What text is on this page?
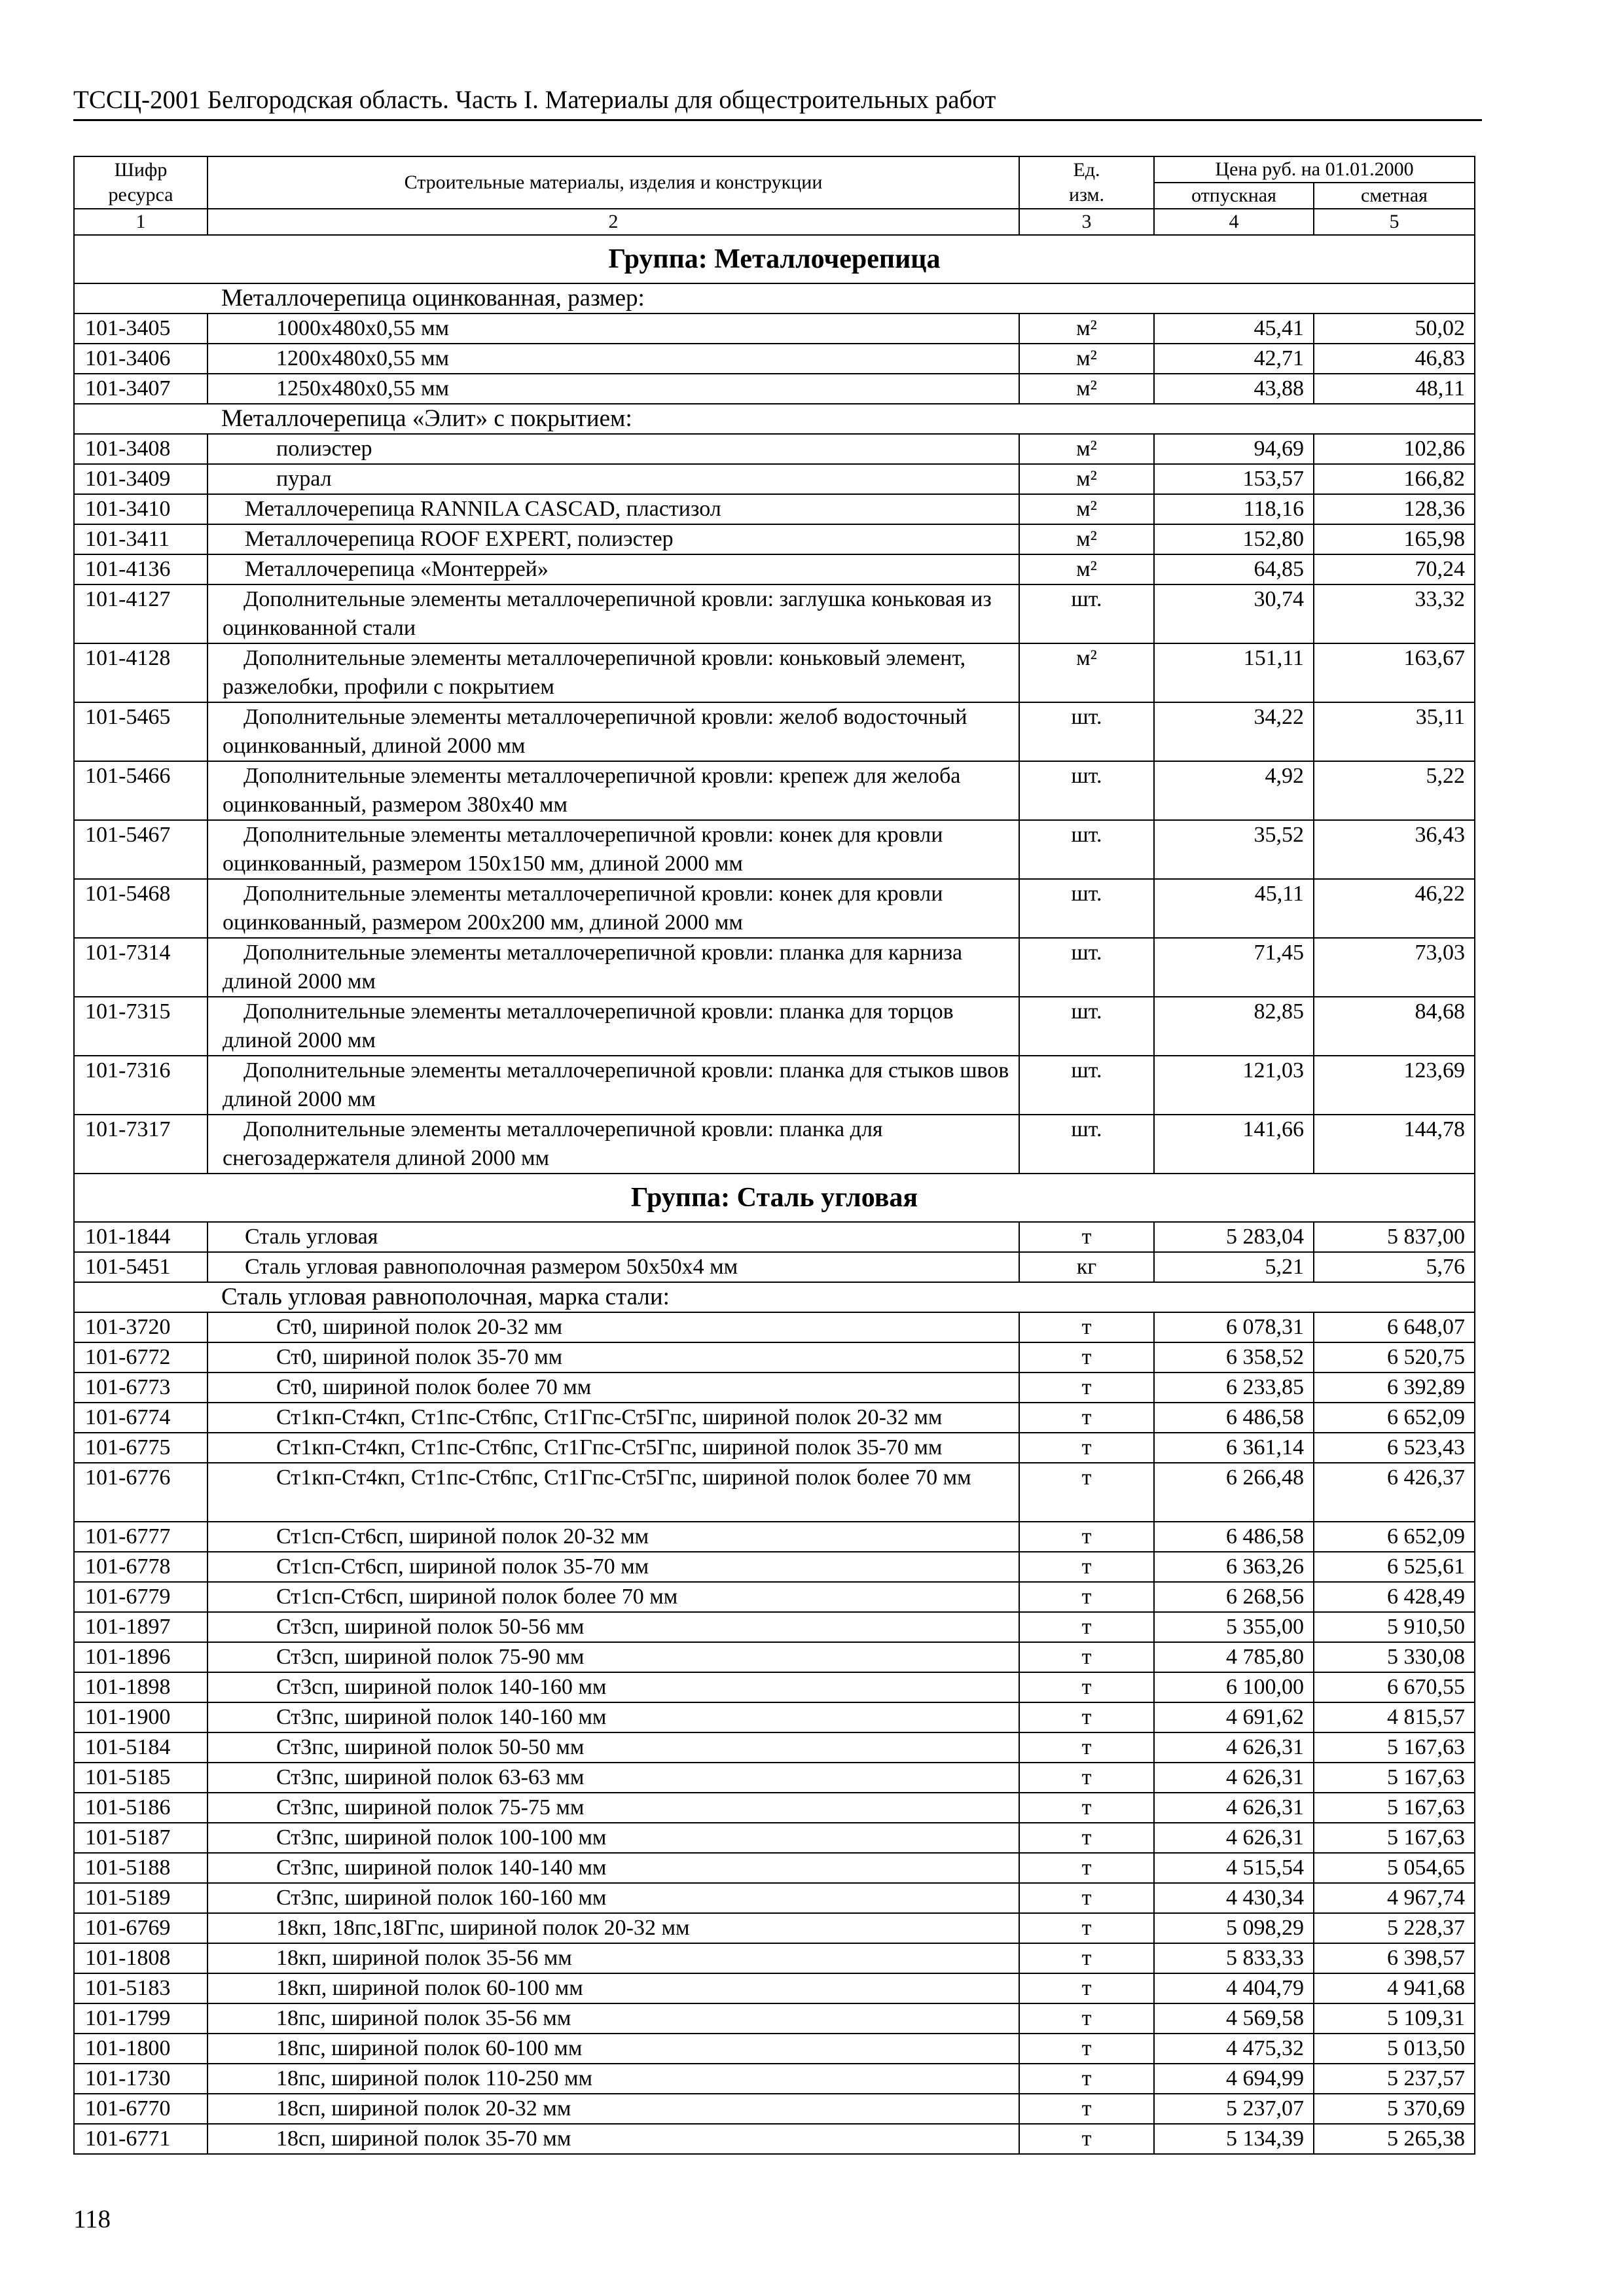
ТССЦ-2001 Белгородская область. Часть I. Материалы для общестроительных работ
Шифр
ресурса	Строительные материалы, изделия и конструкции	Ед.
изм.	Цена руб. на 01.01.2000	
			отпускная	сметная
1	2	3	4	5
Группа: Металлочерепица				
Металлочерепица оцинкованная, размер:				
101-3405	1000x480x0,55 мм	м²	45,41	50,02
101-3406	1200x480x0,55 мм	м²	42,71	46,83
101-3407	1250x480x0,55 мм	м²	43,88	48,11
Металлочерепица «Элит» с покрытием:				
101-3408	полиэстер	м²	94,69	102,86
101-3409	пурал	м²	153,57	166,82
101-3410	Металлочерепица RANNILA CASCAD, пластизол	м²	118,16	128,36
101-3411	Металлочерепица ROOF EXPERT, полиэстер	м²	152,80	165,98
101-4136	Металлочерепица «Монтеррей»	м²	64,85	70,24
101-4127	Дополнительные элементы металлочерепичной кровли: заглушка коньковая из оцинкованной стали	шт.	30,74	33,32
101-4128	Дополнительные элементы металлочерепичной кровли: коньковый элемент, разжелобки, профили с покрытием	м²	151,11	163,67
101-5465	Дополнительные элементы металлочерепичной кровли: желоб водосточный оцинкованный, длиной 2000 мм	шт.	34,22	35,11
101-5466	Дополнительные элементы металлочерепичной кровли: крепеж для желоба оцинкованный, размером 380x40 мм	шт.	4,92	5,22
101-5467	Дополнительные элементы металлочерепичной кровли: конек для кровли оцинкованный, размером 150x150 мм, длиной 2000 мм	шт.	35,52	36,43
101-5468	Дополнительные элементы металлочерепичной кровли: конек для кровли оцинкованный, размером 200x200 мм, длиной 2000 мм	шт.	45,11	46,22
101-7314	Дополнительные элементы металлочерепичной кровли: планка для карниза длиной 2000 мм	шт.	71,45	73,03
101-7315	Дополнительные элементы металлочерепичной кровли: планка для торцов длиной 2000 мм	шт.	82,85	84,68
101-7316	Дополнительные элементы металлочерепичной кровли: планка для стыков швов длиной 2000 мм	шт.	121,03	123,69
101-7317	Дополнительные элементы металлочерепичной кровли: планка для снегозадержателя длиной 2000 мм	шт.	141,66	144,78
Группа: Сталь угловая				
101-1844	Сталь угловая	т	5 283,04	5 837,00
101-5451	Сталь угловая равнополочная размером 50x50x4 мм	кг	5,21	5,76
Сталь угловая равнополочная, марка стали:				
101-3720	Ст0, шириной полок 20-32 мм	т	6 078,31	6 648,07
101-6772	Ст0, шириной полок 35-70 мм	т	6 358,52	6 520,75
101-6773	Ст0, шириной полок более 70 мм	т	6 233,85	6 392,89
101-6774	Ст1кп-Ст4кп, Ст1пс-Ст6пс, Ст1Гпс-Ст5Гпс, шириной полок 20-32 мм	т	6 486,58	6 652,09
101-6775	Ст1кп-Ст4кп, Ст1пс-Ст6пс, Ст1Гпс-Ст5Гпс, шириной полок 35-70 мм	т	6 361,14	6 523,43
101-6776	Ст1кп-Ст4кп, Ст1пс-Ст6пс, Ст1Гпс-Ст5Гпс, шириной полок более 70 мм	т	6 266,48	6 426,37
101-6777	Ст1сп-Ст6сп, шириной полок 20-32 мм	т	6 486,58	6 652,09
101-6778	Ст1сп-Ст6сп, шириной полок 35-70 мм	т	6 363,26	6 525,61
101-6779	Ст1сп-Ст6сп, шириной полок более 70 мм	т	6 268,56	6 428,49
101-1897	Ст3сп, шириной полок 50-56 мм	т	5 355,00	5 910,50
101-1896	Ст3сп, шириной полок 75-90 мм	т	4 785,80	5 330,08
101-1898	Ст3сп, шириной полок 140-160 мм	т	6 100,00	6 670,55
101-1900	Ст3пс, шириной полок 140-160 мм	т	4 691,62	4 815,57
101-5184	Ст3пс, шириной полок 50-50 мм	т	4 626,31	5 167,63
101-5185	Ст3пс, шириной полок 63-63 мм	т	4 626,31	5 167,63
101-5186	Ст3пс, шириной полок 75-75 мм	т	4 626,31	5 167,63
101-5187	Ст3пс, шириной полок 100-100 мм	т	4 626,31	5 167,63
101-5188	Ст3пс, шириной полок 140-140 мм	т	4 515,54	5 054,65
101-5189	Ст3пс, шириной полок 160-160 мм	т	4 430,34	4 967,74
101-6769	18кп, 18пс,18Гпс, шириной полок 20-32 мм	т	5 098,29	5 228,37
101-1808	18кп, шириной полок 35-56 мм	т	5 833,33	6 398,57
101-5183	18кп, шириной полок 60-100 мм	т	4 404,79	4 941,68
101-1799	18пс, шириной полок 35-56 мм	т	4 569,58	5 109,31
101-1800	18пс, шириной полок 60-100 мм	т	4 475,32	5 013,50
101-1730	18пс, шириной полок 110-250 мм	т	4 694,99	5 237,57
101-6770	18сп, шириной полок 20-32 мм	т	5 237,07	5 370,69
101-6771	18сп, шириной полок 35-70 мм	т	5 134,39	5 265,38
118
